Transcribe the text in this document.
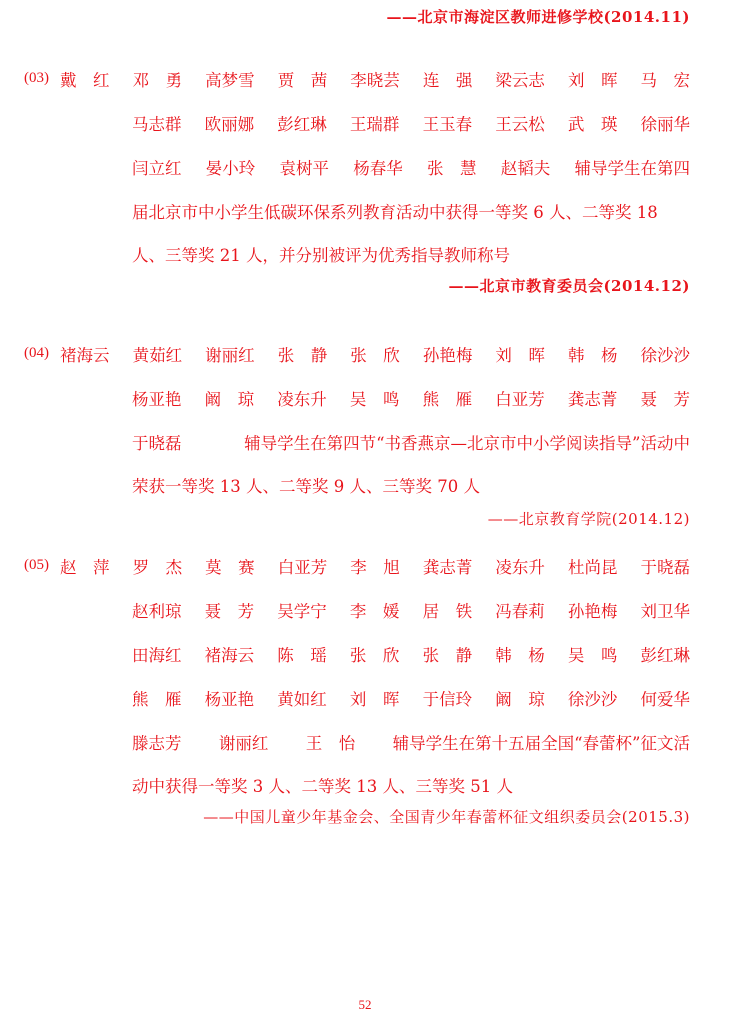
——北京市海淀区教师进修学校(2014.11)
(03) 戴　红 邓　勇 高梦雪 贾　茜 李晓芸 连　强 梁云志 刘　晖 马　宏
马志群 欧丽娜 彭红琳 王瑞群 王玉春 王云松 武　瑛 徐丽华
闫立红 晏小玲 袁树平 杨春华 张　慧 赵韬夫 辅导学生在第四
届北京市中小学生低碳环保系列教育活动中获得一等奖 6 人、二等奖 18
人、三等奖 21 人，并分别被评为优秀指导教师称号
——北京市教育委员会(2014.12)
(04) 褚海云 黄茹红 谢丽红 张　静 张　欣 孙艳梅 刘　晖 韩　杨 徐沙沙
杨亚艳 阚　琼 凌东升 吴　鸣 熊　雁 白亚芳 龚志菁 聂　芳
于晓磊	辅导学生在第四节“书香燕京—北京市中小学阅读指导”活动中
荣获一等奖 13 人、二等奖 9 人、三等奖 70 人
——北京教育学院(2014.12)
(05) 赵　萍 罗　杰 莫　赛 白亚芳 李　旭 龚志菁 凌东升 杜尚昆 于晓磊
赵利琼 聂　芳 吴学宁 李　媛 居　铁 冯春莉 孙艳梅 刘卫华
田海红 褚海云 陈　瑶 张　欣 张　静 韩　杨 吴　鸣 彭红琳
熊　雁 杨亚艳 黄如红 刘　晖 于信玲 阚　琼 徐沙沙 何爱华
滕志芳 谢丽红 王　怡 辅导学生在第十五届全国“春蕾杯”征文活
动中获得一等奖 3 人、二等奖 13 人、三等奖 51 人
——中国儿童少年基金会、全国青少年春蕾杯征文组织委员会(2015.3)
52
